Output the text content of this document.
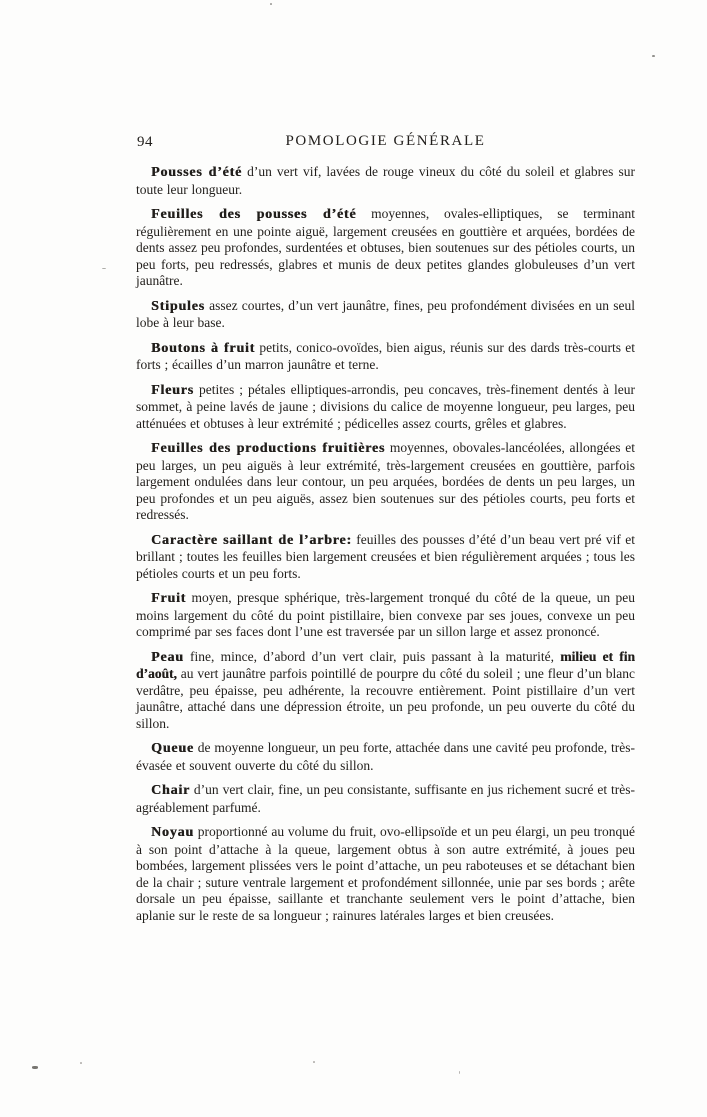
94	POMOLOGIE GÉNÉRALE

Pousses d’été d’un vert vif, lavées de rouge vineux du côté du soleil et glabres sur toute leur longueur.

Feuilles des pousses d’été moyennes, ovales-elliptiques, se terminant régulièrement en une pointe aiguë, largement creusées en gouttière et arquées, bordées de dents assez peu profondes, surdentées et obtuses, bien soutenues sur des pétioles courts, un peu forts, peu redressés, glabres et munis de deux petites glandes globuleuses d’un vert jaunâtre.

Stipules assez courtes, d’un vert jaunâtre, fines, peu profondément divisées en un seul lobe à leur base.

Boutons à fruit petits, conico-ovoïdes, bien aigus, réunis sur des dards très-courts et forts ; écailles d’un marron jaunâtre et terne.

Fleurs petites ; pétales elliptiques-arrondis, peu concaves, très-finement dentés à leur sommet, à peine lavés de jaune ; divisions du calice de moyenne longueur, peu larges, peu atténuées et obtuses à leur extrémité ; pédicelles assez courts, grêles et glabres.

Feuilles des productions fruitières moyennes, obovales-lancéolées, allongées et peu larges, un peu aiguës à leur extrémité, très-largement creusées en gouttière, parfois largement ondulées dans leur contour, un peu arquées, bordées de dents un peu larges, un peu profondes et un peu aiguës, assez bien soutenues sur des pétioles courts, peu forts et redressés.

Caractère saillant de l’arbre: feuilles des pousses d’été d’un beau vert pré vif et brillant ; toutes les feuilles bien largement creusées et bien régulièrement arquées ; tous les pétioles courts et un peu forts.

Fruit moyen, presque sphérique, très-largement tronqué du côté de la queue, un peu moins largement du côté du point pistillaire, bien convexe par ses joues, convexe un peu comprimé par ses faces dont l’une est traversée par un sillon large et assez prononcé.

Peau fine, mince, d’abord d’un vert clair, puis passant à la maturité, milieu et fin d’août, au vert jaunâtre parfois pointillé de pourpre du côté du soleil ; une fleur d’un blanc verdâtre, peu épaisse, peu adhérente, la recouvre entièrement. Point pistillaire d’un vert jaunâtre, attaché dans une dépression étroite, un peu profonde, un peu ouverte du côté du sillon.

Queue de moyenne longueur, un peu forte, attachée dans une cavité peu profonde, très-évasée et souvent ouverte du côté du sillon.

Chair d’un vert clair, fine, un peu consistante, suffisante en jus richement sucré et très-agréablement parfumé.

Noyau proportionné au volume du fruit, ovo-ellipsoïde et un peu élargi, un peu tronqué à son point d’attache à la queue, largement obtus à son autre extrémité, à joues peu bombées, largement plissées vers le point d’attache, un peu raboteuses et se détachant bien de la chair ; suture ventrale largement et profondément sillonnée, unie par ses bords ; arête dorsale un peu épaisse, saillante et tranchante seulement vers le point d’attache, bien aplanie sur le reste de sa longueur ; rainures latérales larges et bien creusées.
